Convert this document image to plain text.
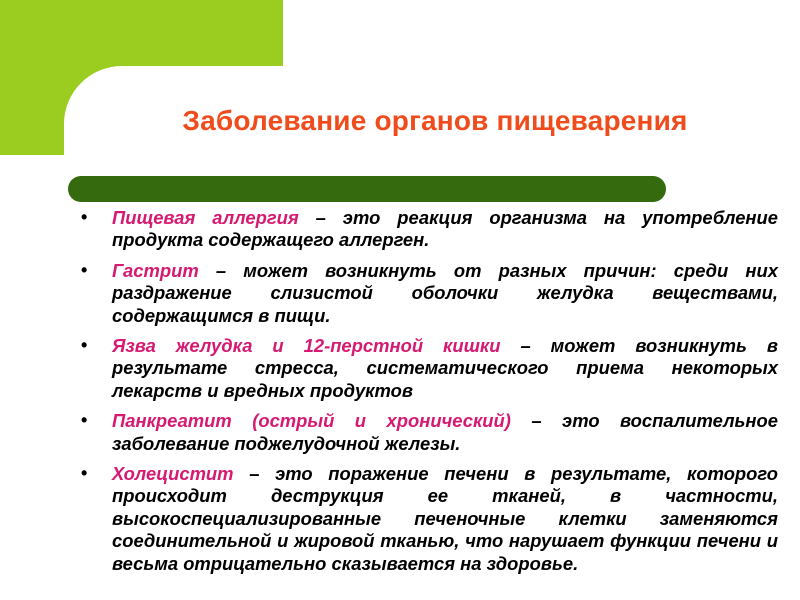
Заболевание органов пищеварения
• Пищевая аллергия – это реакция организма на употребление продукта содержащего аллерген.
• Гастрит – может возникнуть от разных причин: среди них раздражение слизистой оболочки желудка веществами, содержащимся в пищи.
• Язва желудка и 12-перстной кишки – может возникнуть в результате стресса, систематического приема некоторых лекарств и вредных продуктов
• Панкреатит (острый и хронический) – это воспалительное заболевание поджелудочной железы.
• Холецистит – это поражение печени в результате, которого происходит деструкция ее тканей, в частности, высокоспециализированные печеночные клетки заменяются соединительной и жировой тканью, что нарушает функции печени и весьма отрицательно сказывается на здоровье.
